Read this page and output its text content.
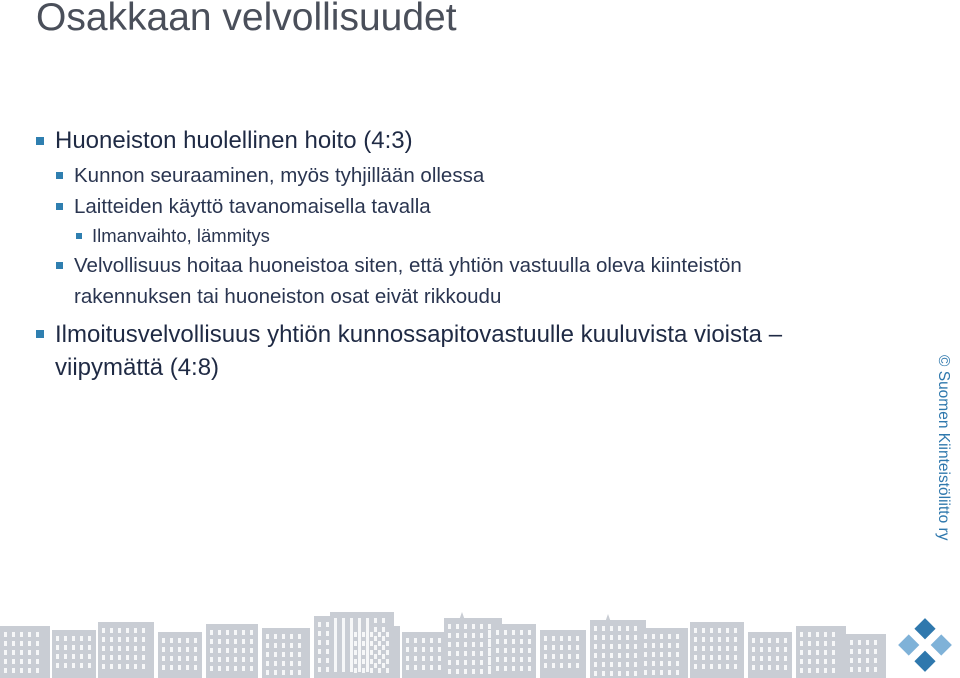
Osakkaan velvollisuudet
Huoneiston huolellinen hoito (4:3)
Kunnon seuraaminen, myös tyhjillään ollessa
Laitteiden käyttö tavanomaisella tavalla
Ilmanvaihto, lämmitys
Velvollisuus hoitaa huoneistoa siten, että yhtiön vastuulla oleva kiinteistön rakennuksen tai huoneiston osat eivät rikkoudu
Ilmoitusvelvollisuus yhtiön kunnossapitovastuulle kuuluvista vioista – viipymättä (4:8)	© Suomen Kiinteistöliitto ry
